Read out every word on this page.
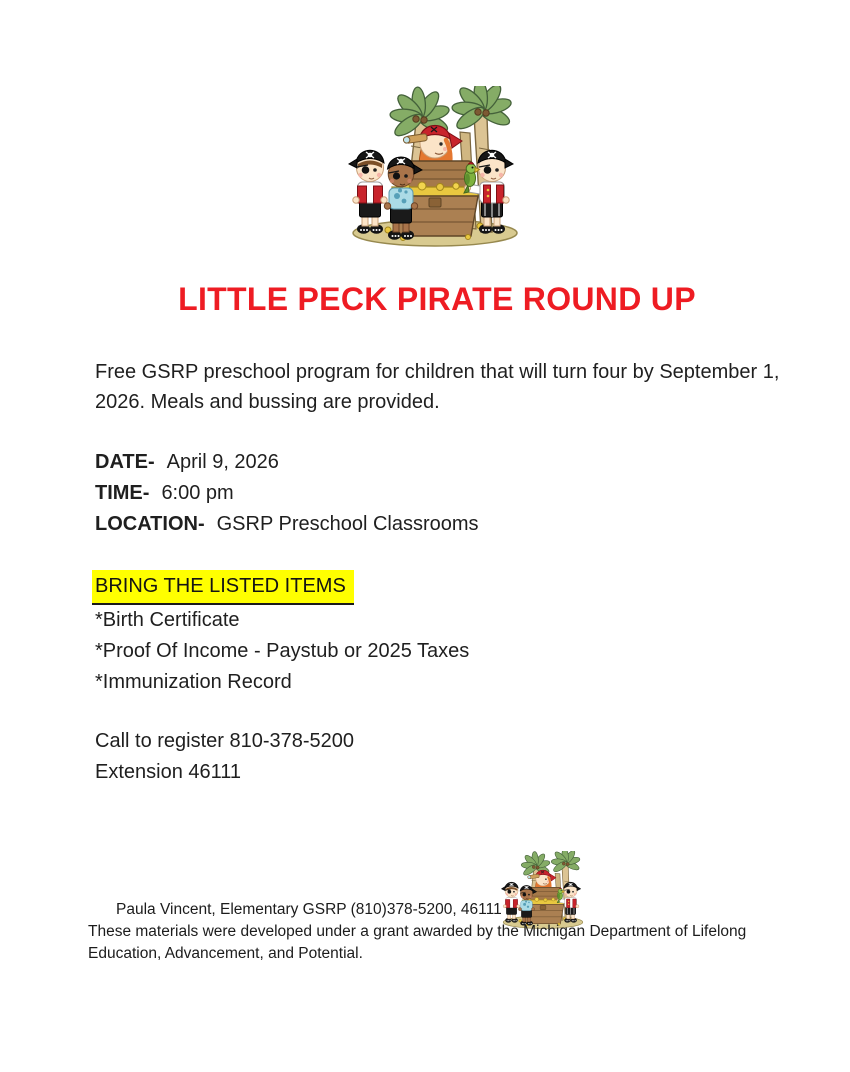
LITTLE PECK PIRATE ROUND UP

Free GSRP preschool program for children that will turn four by September 1, 2026. Meals and bussing are provided.

DATE- April 9, 2026
TIME- 6:00 pm
LOCATION- GSRP Preschool Classrooms
BRING THE LISTED ITEMS
*Birth Certificate
*Proof Of Income - Paystub or 2025 Taxes
*Immunization Record
Call to register 810-378-5200
Extension 46111
Paula Vincent, Elementary GSRP (810)378-5200, 46111
These materials were developed under a grant awarded by the Michigan Department of Lifelong Education, Advancement, and Potential.
